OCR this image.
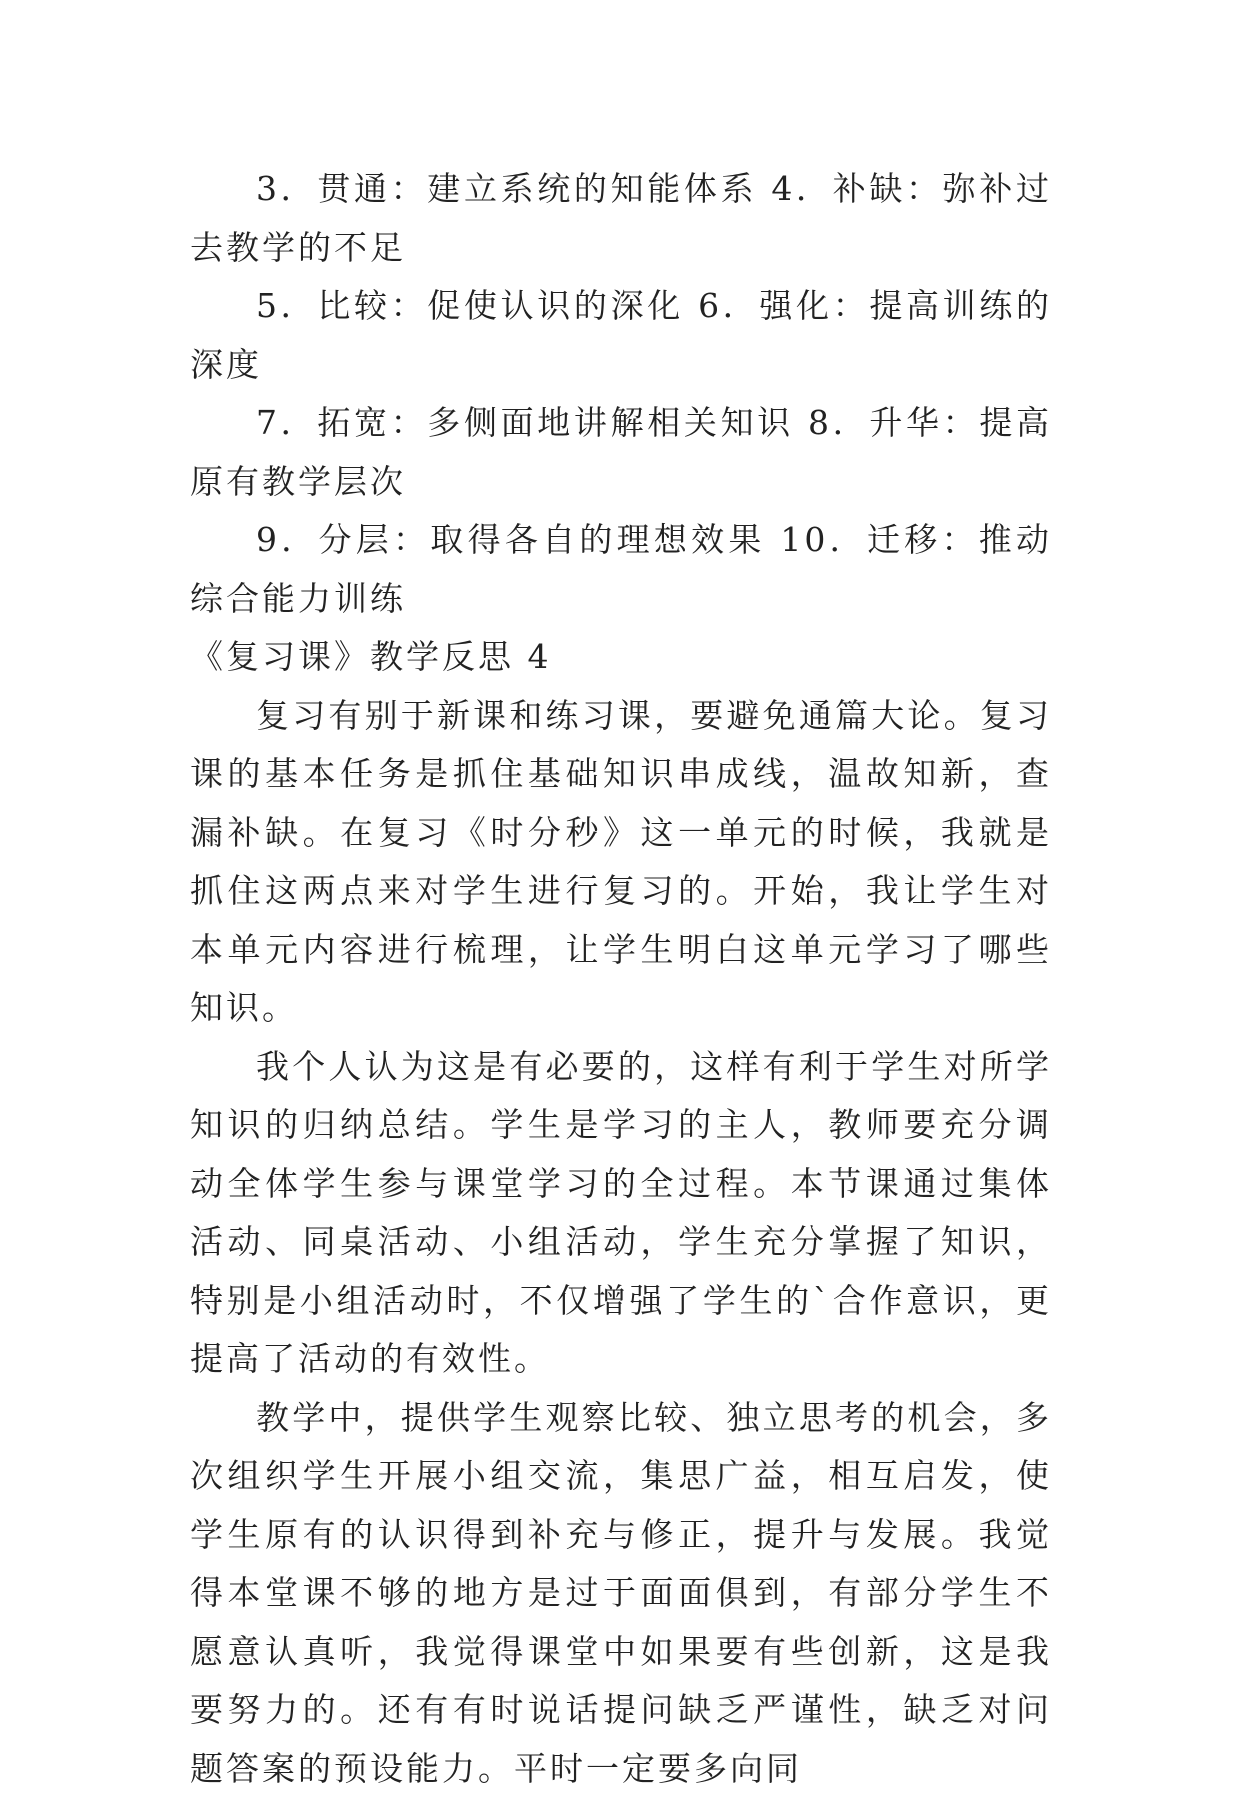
3．贯通：建立系统的知能体系 4．补缺：弥补过去教学的不足

5．比较：促使认识的深化 6．强化：提高训练的深度

7．拓宽：多侧面地讲解相关知识 8．升华：提高原有教学层次

9．分层：取得各自的理想效果 10．迁移：推动综合能力训练

《复习课》教学反思 4

复习有别于新课和练习课，要避免通篇大论。复习课的基本任务是抓住基础知识串成线，温故知新，查漏补缺。在复习《时分秒》这一单元的时候，我就是抓住这两点来对学生进行复习的。开始，我让学生对本单元内容进行梳理，让学生明白这单元学习了哪些知识。

我个人认为这是有必要的，这样有利于学生对所学知识的归纳总结。学生是学习的主人，教师要充分调动全体学生参与课堂学习的全过程。本节课通过集体活动、同桌活动、小组活动，学生充分掌握了知识，特别是小组活动时，不仅增强了学生的`合作意识，更提高了活动的有效性。

教学中，提供学生观察比较、独立思考的机会，多次组织学生开展小组交流，集思广益，相互启发，使学生原有的认识得到补充与修正，提升与发展。我觉得本堂课不够的地方是过于面面俱到，有部分学生不愿意认真听，我觉得课堂中如果要有些创新，这是我要努力的。还有有时说话提问缺乏严谨性，缺乏对问题答案的预设能力。平时一定要多向同
